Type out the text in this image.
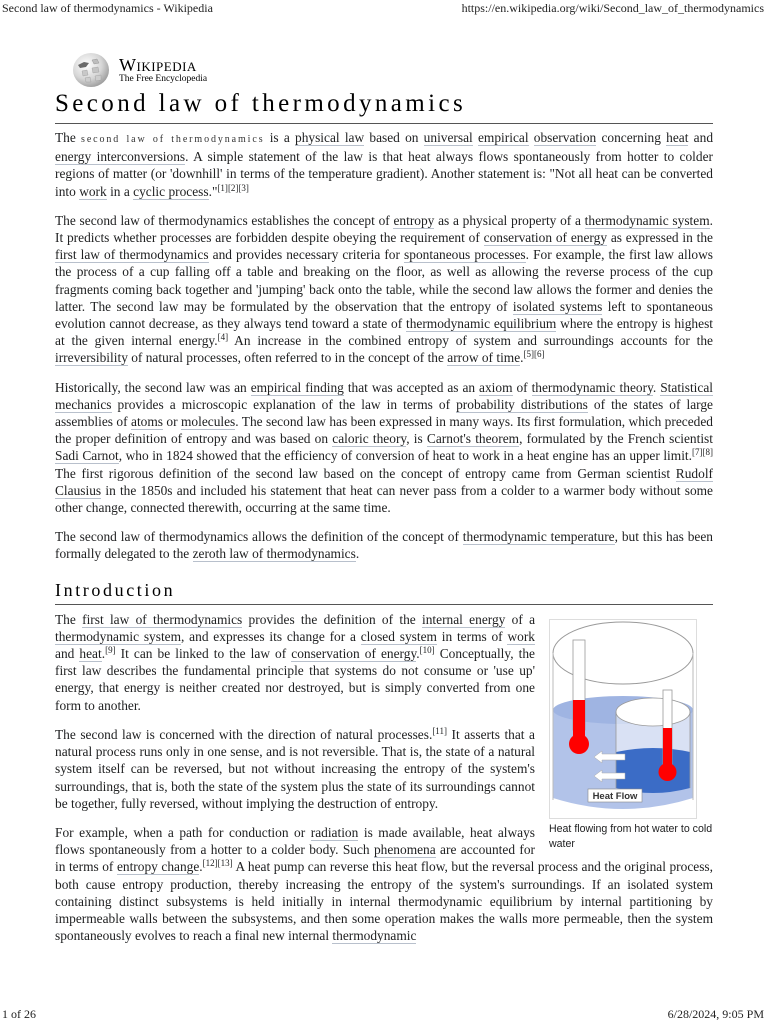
Second law of thermodynamics - Wikipedia	https://en.wikipedia.org/wiki/Second_law_of_thermodynamics
Wikipedia
The Free Encyclopedia
Second law of thermodynamics

The second law of thermodynamics is a physical law based on universal empirical observation concerning heat and energy interconversions. A simple statement of the law is that heat always flows spontaneously from hotter to colder regions of matter (or 'downhill' in terms of the temperature gradient). Another statement is: "Not all heat can be converted into work in a cyclic process."[1][2][3]

The second law of thermodynamics establishes the concept of entropy as a physical property of a thermodynamic system. It predicts whether processes are forbidden despite obeying the requirement of conservation of energy as expressed in the first law of thermodynamics and provides necessary criteria for spontaneous processes. For example, the first law allows the process of a cup falling off a table and breaking on the floor, as well as allowing the reverse process of the cup fragments coming back together and 'jumping' back onto the table, while the second law allows the former and denies the latter. The second law may be formulated by the observation that the entropy of isolated systems left to spontaneous evolution cannot decrease, as they always tend toward a state of thermodynamic equilibrium where the entropy is highest at the given internal energy.[4] An increase in the combined entropy of system and surroundings accounts for the irreversibility of natural processes, often referred to in the concept of the arrow of time.[5][6]

Historically, the second law was an empirical finding that was accepted as an axiom of thermodynamic theory. Statistical mechanics provides a microscopic explanation of the law in terms of probability distributions of the states of large assemblies of atoms or molecules. The second law has been expressed in many ways. Its first formulation, which preceded the proper definition of entropy and was based on caloric theory, is Carnot's theorem, formulated by the French scientist Sadi Carnot, who in 1824 showed that the efficiency of conversion of heat to work in a heat engine has an upper limit.[7][8] The first rigorous definition of the second law based on the concept of entropy came from German scientist Rudolf Clausius in the 1850s and included his statement that heat can never pass from a colder to a warmer body without some other change, connected therewith, occurring at the same time.

The second law of thermodynamics allows the definition of the concept of thermodynamic temperature, but this has been formally delegated to the zeroth law of thermodynamics.

Introduction
Heat Flow
Heat flowing from hot water to cold water

The first law of thermodynamics provides the definition of the internal energy of a thermodynamic system, and expresses its change for a closed system in terms of work and heat.[9] It can be linked to the law of conservation of energy.[10] Conceptually, the first law describes the fundamental principle that systems do not consume or 'use up' energy, that energy is neither created nor destroyed, but is simply converted from one form to another.

The second law is concerned with the direction of natural processes.[11] It asserts that a natural process runs only in one sense, and is not reversible. That is, the state of a natural system itself can be reversed, but not without increasing the entropy of the system's surroundings, that is, both the state of the system plus the state of its surroundings cannot be together, fully reversed, without implying the destruction of entropy.

For example, when a path for conduction or radiation is made available, heat always flows spontaneously from a hotter to a colder body. Such phenomena are accounted for in terms of entropy change.[12][13] A heat pump can reverse this heat flow, but the reversal process and the original process, both cause entropy production, thereby increasing the entropy of the system's surroundings. If an isolated system containing distinct subsystems is held initially in internal thermodynamic equilibrium by internal partitioning by impermeable walls between the subsystems, and then some operation makes the walls more permeable, then the system spontaneously evolves to reach a final new internal thermodynamic

1 of 26	6/28/2024, 9:05 PM
